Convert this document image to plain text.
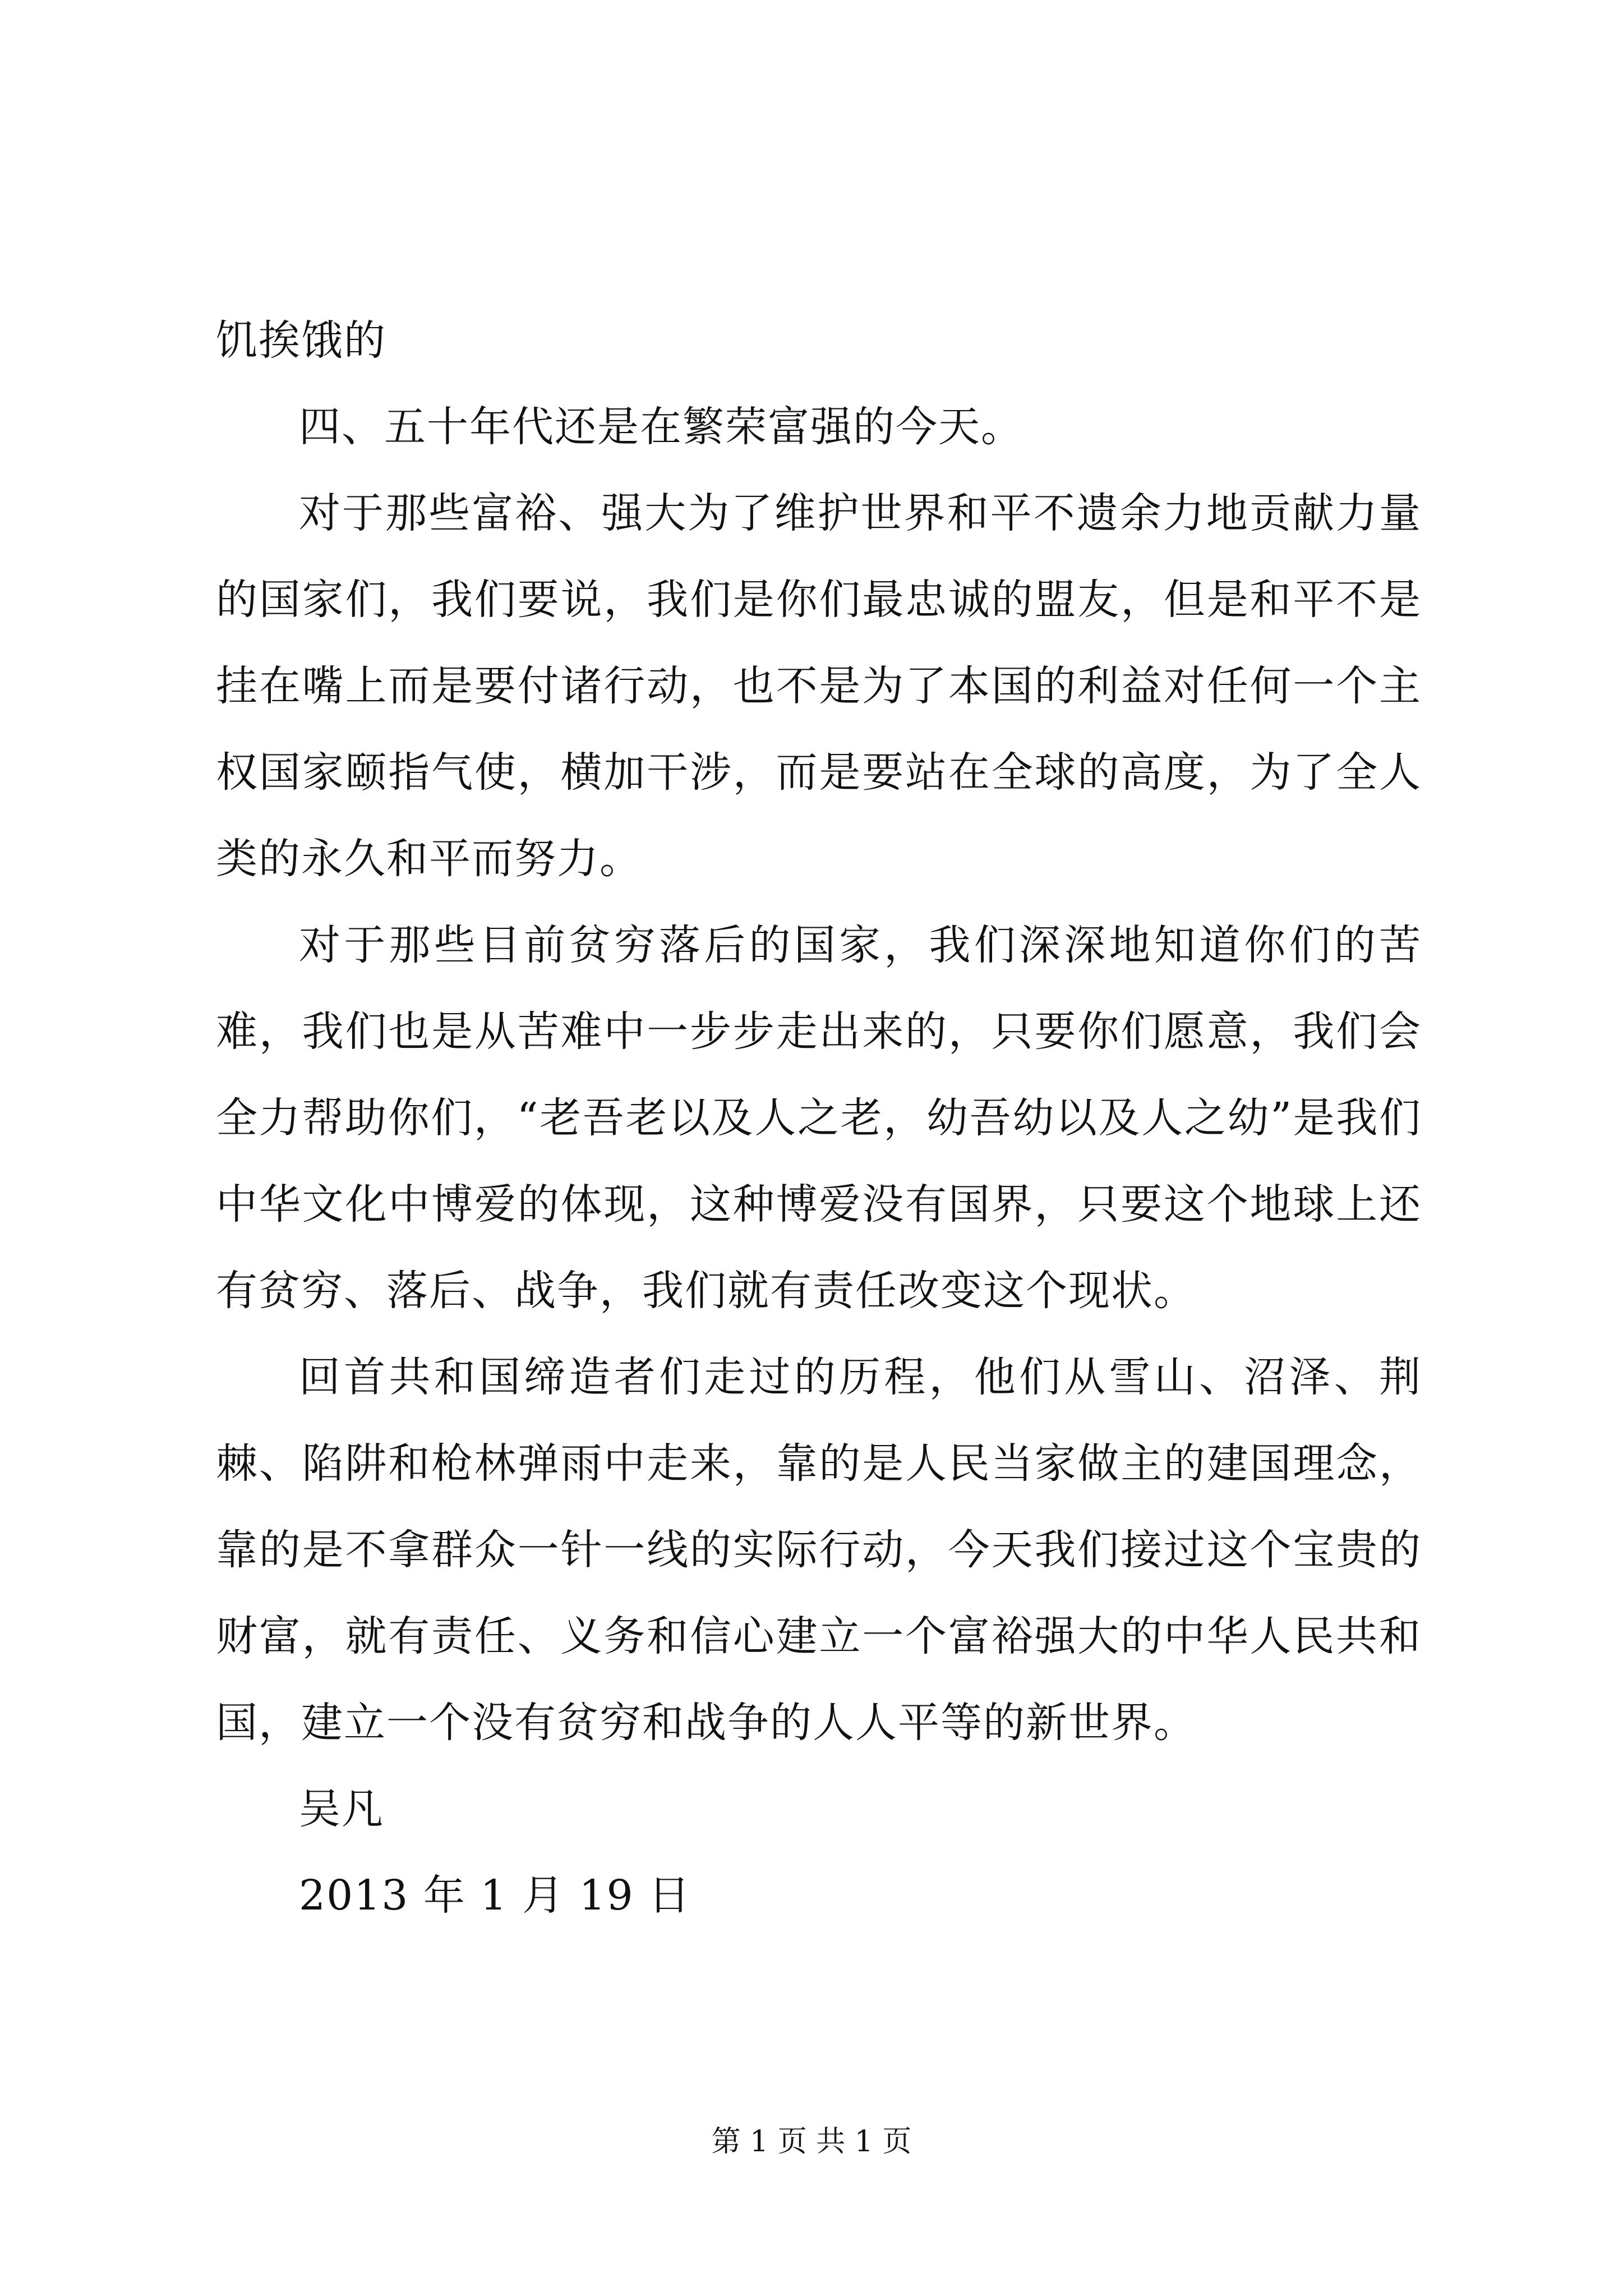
饥挨饿的

四、五十年代还是在繁荣富强的今天。

对于那些富裕、强大为了维护世界和平不遗余力地贡献力量的国家们，我们要说，我们是你们最忠诚的盟友，但是和平不是挂在嘴上而是要付诸行动，也不是为了本国的利益对任何一个主权国家颐指气使，横加干涉，而是要站在全球的高度，为了全人类的永久和平而努力。

对于那些目前贫穷落后的国家，我们深深地知道你们的苦难，我们也是从苦难中一步步走出来的，只要你们愿意，我们会全力帮助你们，“老吾老以及人之老，幼吾幼以及人之幼”是我们中华文化中博爱的体现，这种博爱没有国界，只要这个地球上还有贫穷、落后、战争，我们就有责任改变这个现状。

回首共和国缔造者们走过的历程，他们从雪山、沼泽、荆棘、陷阱和枪林弹雨中走来，靠的是人民当家做主的建国理念，靠的是不拿群众一针一线的实际行动，今天我们接过这个宝贵的财富，就有责任、义务和信心建立一个富裕强大的中华人民共和国，建立一个没有贫穷和战争的人人平等的新世界。

吴凡

2013 年 1 月 19 日

第 1 页 共 1 页
